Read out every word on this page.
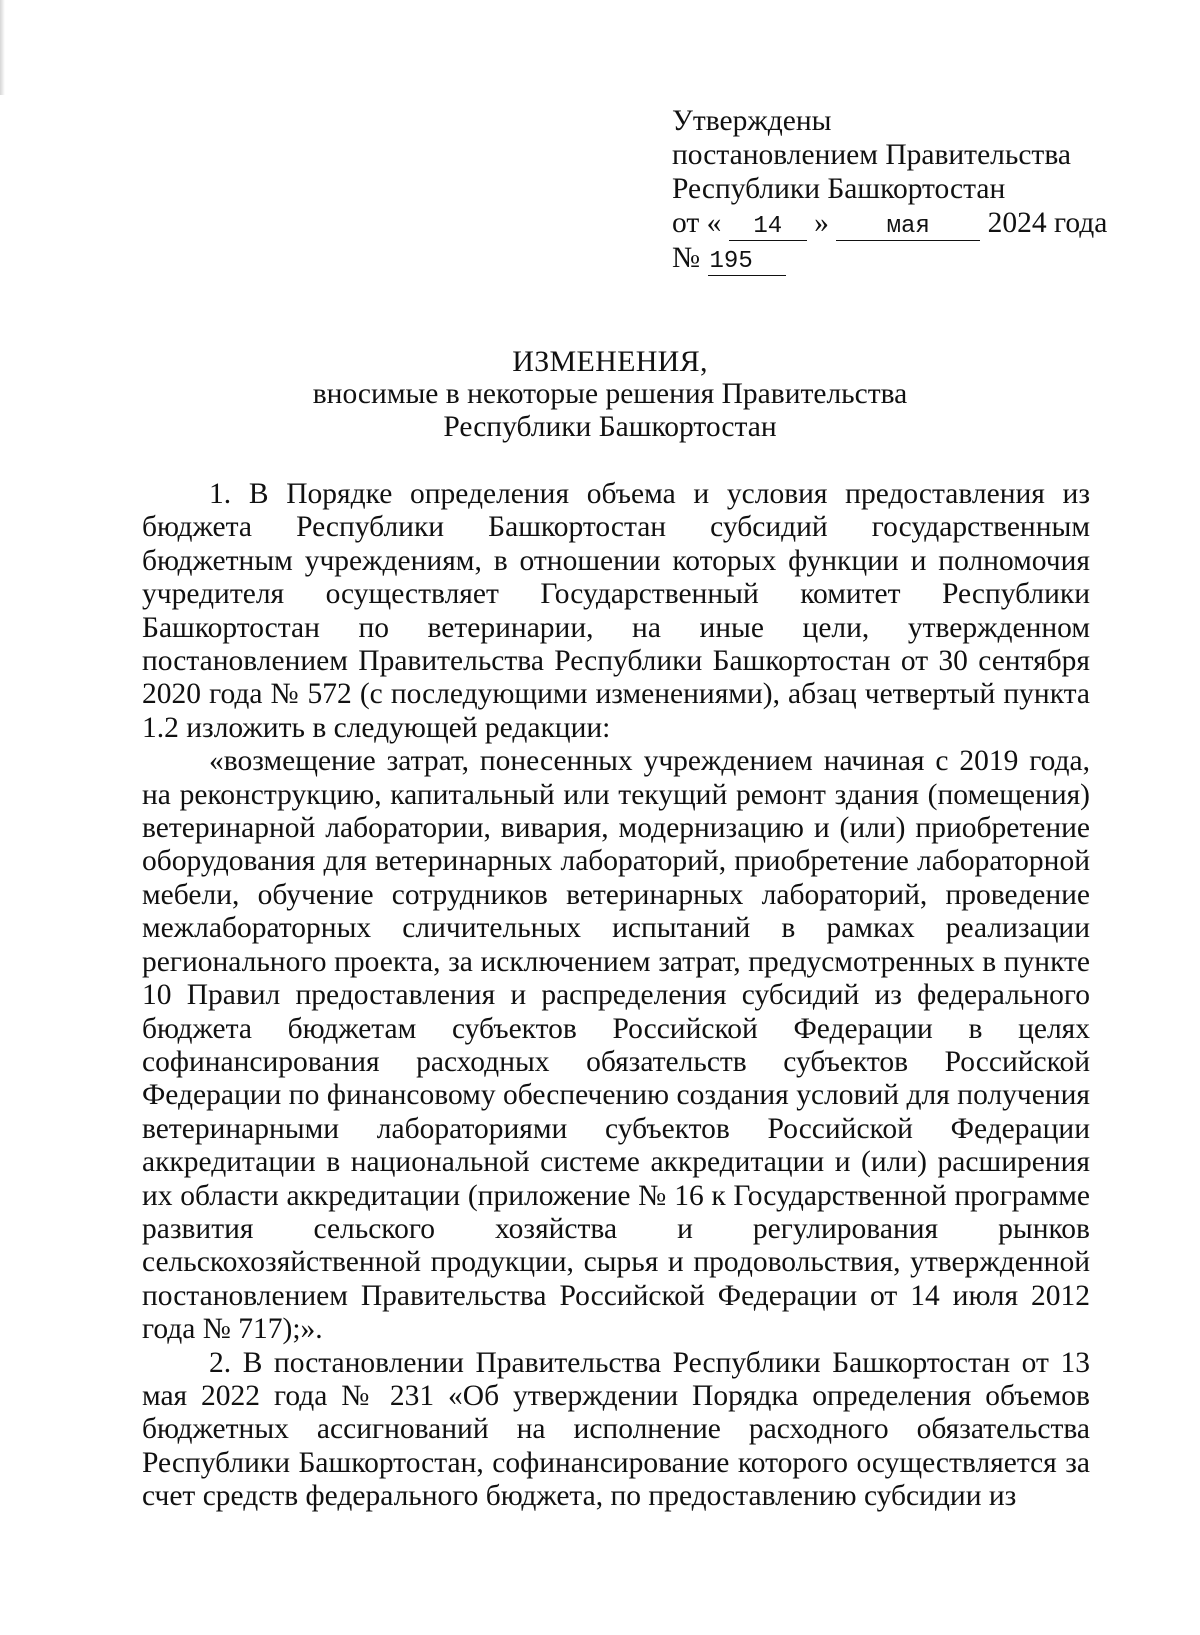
Утверждены
постановлением Правительства
Республики Башкортостан
от « 14 » мая 2024 года
№ 195
ИЗМЕНЕНИЯ,
вносимые в некоторые решения Правительства
Республики Башкортостан

1. В Порядке определения объема и условия предоставления из бюджета Республики Башкортостан субсидий государственным бюджетным учреждениям, в отношении которых функции и полномочия учредителя осуществляет Государственный комитет Республики Башкортостан по ветеринарии, на иные цели, утвержденном постановлением Правительства Республики Башкортостан от 30 сентября 2020 года № 572 (с последующими изменениями), абзац четвертый пункта 1.2 изложить в следующей редакции:

«возмещение затрат, понесенных учреждением начиная с 2019 года, на реконструкцию, капитальный или текущий ремонт здания (помещения) ветеринарной лаборатории, вивария, модернизацию и (или) приобретение оборудования для ветеринарных лабораторий, приобретение лабораторной мебели, обучение сотрудников ветеринарных лабораторий, проведение межлабораторных сличительных испытаний в рамках реализации регионального проекта, за исключением затрат, предусмотренных в пункте 10 Правил предоставления и распределения субсидий из федерального бюджета бюджетам субъектов Российской Федерации в целях софинансирования расходных обязательств субъектов Российской Федерации по финансовому обеспечению создания условий для получения ветеринарными лабораториями субъектов Российской Федерации аккредитации в национальной системе аккредитации и (или) расширения их области аккредитации (приложение № 16 к Государственной программе развития сельского хозяйства и регулирования рынков сельскохозяйственной продукции, сырья и продовольствия, утвержденной постановлением Правительства Российской Федерации от 14 июля 2012 года № 717);».

2. В постановлении Правительства Республики Башкортостан от 13 мая 2022 года № 231 «Об утверждении Порядка определения объемов бюджетных ассигнований на исполнение расходного обязательства Республики Башкортостан, софинансирование которого осуществляется за счет средств федерального бюджета, по предоставлению субсидии из
